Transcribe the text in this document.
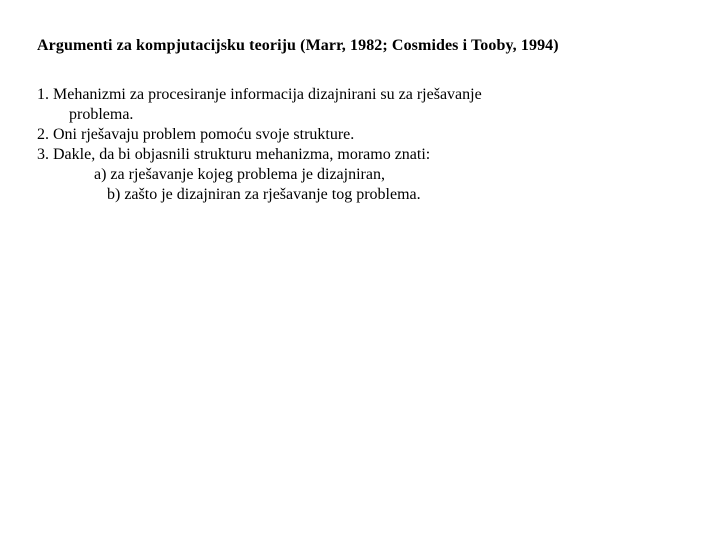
Argumenti za kompjutacijsku teoriju (Marr, 1982; Cosmides i Tooby, 1994)
1. Mehanizmi za procesiranje informacija dizajnirani su za rješavanje
problema.
2. Oni rješavaju problem pomoću svoje strukture.
3. Dakle, da bi objasnili strukturu mehanizma, moramo znati:
a) za rješavanje kojeg problema je dizajniran,
b) zašto je dizajniran za rješavanje tog problema.
